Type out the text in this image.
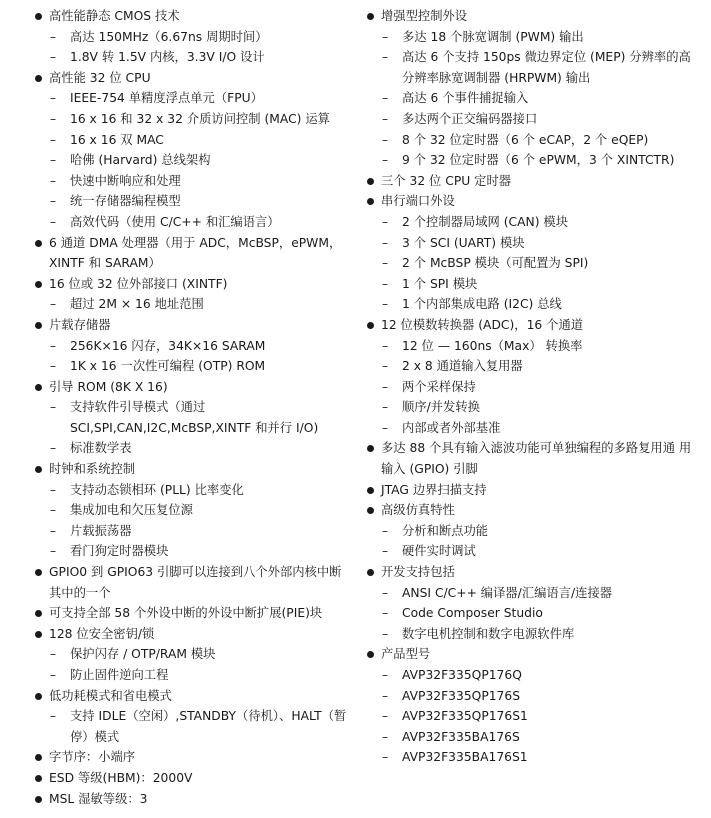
高性能静态 CMOS 技术
– 高达 150MHz（6.67ns 周期时间）
– 1.8V 转 1.5V 内核，3.3V I/O 设计
高性能 32 位 CPU
– IEEE-754 单精度浮点单元（FPU）
– 16 x 16 和 32 x 32 介质访问控制 (MAC) 运算
– 16 x 16 双 MAC
– 哈佛 (Harvard) 总线架构
– 快速中断响应和处理
– 统一存储器编程模型
– 高效代码（使用 C/C++ 和汇编语言）
6 通道 DMA 处理器（用于 ADC，McBSP，ePWM，XINTF 和 SARAM）
16 位或 32 位外部接口 (XINTF)
– 超过 2M × 16 地址范围
片载存储器
– 256K×16 闪存，34K×16 SARAM
– 1K x 16 一次性可编程 (OTP) ROM
引导 ROM (8K X 16)
– 支持软件引导模式（通过 SCI,SPI,CAN,I2C,McBSP,XINTF 和并行 I/O)
– 标准数学表
时钟和系统控制
– 支持动态锁相环 (PLL) 比率变化
– 集成加电和欠压复位源
– 片载振荡器
– 看门狗定时器模块
GPIO0 到 GPIO63 引脚可以连接到八个外部内核中断其中的一个
可支持全部 58 个外设中断的外设中断扩展(PIE)块
128 位安全密钥/锁
– 保护闪存 / OTP/RAM 模块
– 防止固件逆向工程
低功耗模式和省电模式
– 支持 IDLE（空闲）,STANDBY（待机）、HALT（暂停）模式
字节序：小端序
ESD 等级(HBM)：2000V
MSL 湿敏等级：3
增强型控制外设
– 多达 18 个脉宽调制 (PWM) 输出
– 高达 6 个支持 150ps 微边界定位 (MEP) 分辨率的高分辨率脉宽调制器 (HRPWM) 输出
– 高达 6 个事件捕捉输入
– 多达两个正交编码器接口
– 8 个 32 位定时器（6 个 eCAP，2 个 eQEP)
– 9 个 32 位定时器（6 个 ePWM，3 个 XINTCTR)
三个 32 位 CPU 定时器
串行端口外设
– 2 个控制器局域网 (CAN) 模块
– 3 个 SCI (UART) 模块
– 2 个 McBSP 模块（可配置为 SPI)
– 1 个 SPI 模块
– 1 个内部集成电路 (I2C) 总线
12 位模数转换器 (ADC)，16 个通道
– 12 位 — 160ns（Max） 转换率
– 2 x 8 通道输入复用器
– 两个采样保持
– 顺序/并发转换
– 内部或者外部基准
多达 88 个具有输入滤波功能可单独编程的多路复用通 用输入 (GPIO) 引脚
JTAG 边界扫描支持
高级仿真特性
– 分析和断点功能
– 硬件实时调试
开发支持包括
– ANSI C/C++ 编译器/汇编语言/连接器
– Code Composer Studio
– 数字电机控制和数字电源软件库
产品型号
– AVP32F335QP176Q
– AVP32F335QP176S
– AVP32F335QP176S1
– AVP32F335BA176S
– AVP32F335BA176S1
